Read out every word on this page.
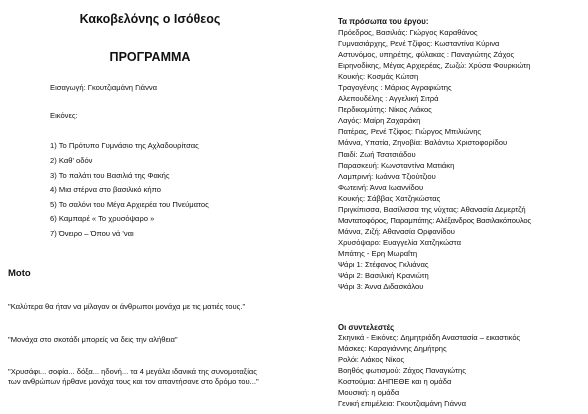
Κακοβελόνης ο Ισόθεος
ΠΡΟΓΡΑΜΜΑ
Εισαγωγή: Γκουτζιαμάνη Γιάννα
Εικόνες:
1) Το Πρότυπο Γυμνάσιο της Αχλαδουρίτσας
2) Καθ' οδόν
3) Το παλάτι του Βασιλιά της Φακής
4) Μια στέρνα στο βασιλικό κήπο
5) Το σαλόνι του Μέγα Αρχιερέα του Πνεύματος
6) Καμπαρέ « Το χρυσόψαρο »
7) Όνειρο – Όπου νά 'ναι
Moto
"Καλύτερα θα ήταν να μίλαγαν οι άνθρωποι μονάχα με τις ματιές τους."
"Μονάχα στο σκοτάδι μπορείς να δεις την αλήθεια"
"Χρυσάφι... σοφία... δόξα... ηδονή... τα 4 μεγάλα ιδανικά της συνομοταξίας
των ανθρώπων ήρθανε μονάχα τους και τον απαντήσανε στο δρόμο του..."
Τα πρόσωπα του έργου:
Πρόεδρος, Βασιλιάς: Γιώργος Καραθάνος
Γυμνασιάρχης, Ρενέ Τζίφος: Κωσταντίνα Κύρινα
Αστυνόμος, υπηρέτης, φύλακας : Παναγιώτης Ζάχος
Ειρηνοδίκης, Μέγας Αρχιερέας, Ζωζώ: Χρύσα Φουρκιώτη
Κουκής: Κοσμάς Κώτση
Τραγογένης : Μάριος Αγραφιώτης
Αλεπουδέλης : Αγγελική Σιτρά
Περδικομύτης: Νίκος Λιάκος
Λαγός: Μαίρη Ζαχαράκη
Πατέρας, Ρενέ Τζίφος: Γιώργος Μπιλιώνης
Μάννα, Υπατία, Ζηνοβία: Βαλάντω Χριστοφορίδου
Παιδί: Ζωή Τσατσιάδου
Παρασκευή: Κωνσταντίνα Ματιάκη
Λαμπρινή: Ιωάννα Τζιούτζιου
Φωτεινή: Άννα Ιωαννίδου
Κουκής: Σάββας Χατζηκώστας
Πριγκίπισσα, Βασίλισσα της νύχτας: Αθανασία Δεμερτζή
Μαντατοφόρος, Παραμπάτης: Αλέξανδρος Βασιλακόπουλος
Μάννα, Ζιζή: Αθανασία Ορφανίδου
Χρυσόψαρο: Ευαγγελία Χατζηκώστα
Μπάτης - Ερη Μωραΐτη
Ψάρι 1: Στέφανος Γκλιάνας
Ψάρι 2: Βασιλική Κρανιώτη
Ψάρι 3: Άννα Διδασκάλου
Οι συντελεστές
Σκηνικά - Εικόνες: Δημητριάδη Αναστασία – εικαστικός
Μάσκες: Καραγιάννης Δημήτρης
Ρολόι: Λιάκος Νίκος
Βοηθός φωτισμού: Ζάχος Παναγιώτης
Κοστούμια: ΔΗΠΕΘΕ και η ομάδα
Μουσική: η ομάδα
Γενική επιμέλεια: Γκουτζιαμάνη Γιάννα
